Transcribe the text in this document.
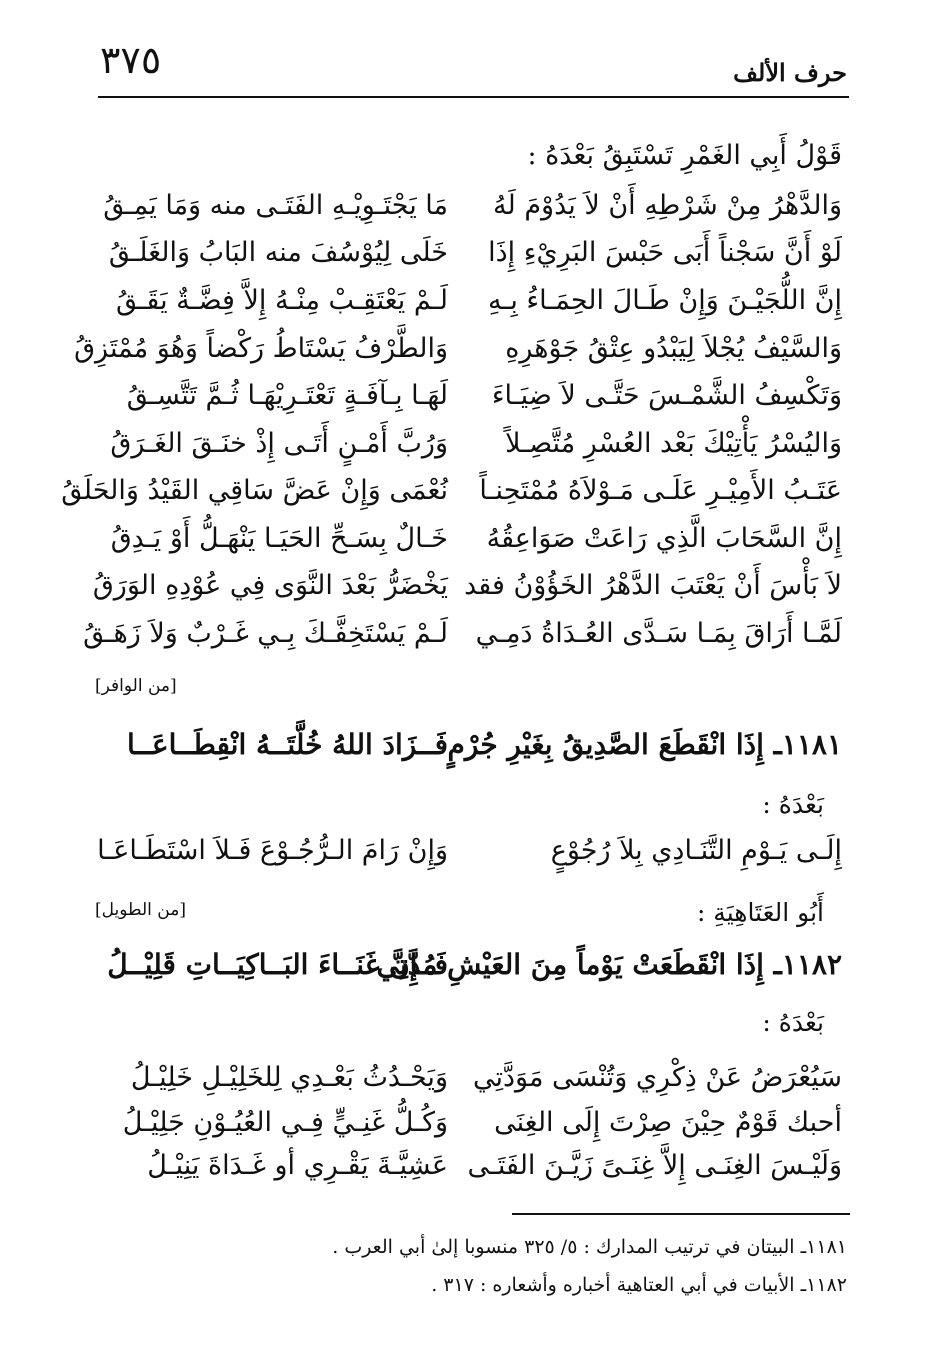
٣٧٥	حرف الألف
قَوْلُ أَبِي الغَمْرِ تَسْتَبِقُ بَعْدَهُ :
وَالدَّهْرُ مِنْ شَرْطِهِ أَنْ لاَ يَدُوْمَ لَهُ
مَا يَجْتَـوِيْـهِ الفَتَـى منه وَمَا يَمِـقُ
لَوْ أَنَّ سَجْناً أَبَى حَبْسَ البَرِيْءِ إِذَا
خَلَى لِيُوْسُفَ منه البَابُ وَالغَلَـقُ
إِنَّ اللُّجَيْـنَ وَإِنْ طَـالَ الحِمَـاءُ بِـهِ
لَـمْ يَعْتَقِـبْ مِنْـهُ إِلاَّ فِضَّـةٌ يَقَـقُ
وَالسَّيْفُ يُجْلاَ لِيَبْدُو عِتْقُ جَوْهَرِهِ
وَالطَّرْفُ يَسْتَاطُ رَكْضاً وَهُوَ مُمْتَزِقُ
وَتَكْسِفُ الشَّمْـسَ حَتَّـى لاَ ضِيَـاءَ
لَهَـا بِـآفَـةٍ تَعْتَـرِيْهَـا ثُـمَّ تَتَّسِـقُ
وَاليُسْرُ يَأْتِيْكَ بَعْد العُسْرِ مُتَّصِـلاً
وَرُبَّ أَمْـنٍ أَتَـى إِذْ خنَـقَ الغَـرَقُ
عَتَـبُ الأَمِيْـرِ عَلَـى مَـوْلاَهُ مُمْتَحِنـاً
نُعْمَى وَإِنْ عَضَّ سَاقِي القَيْدُ وَالحَلَقُ
إِنَّ السَّحَابَ الَّذِي رَاعَتْ صَوَاعِقُهُ
خَـالٌ بِسَـحِّ الحَيَـا يَنْهَـلُّ أَوْ يَـدِقُ
لاَ بَأْسَ أَنْ يَعْتَبَ الدَّهْرُ الخَؤُوْنُ فقد
يَخْضَرُّ بَعْدَ النَّوَى فِي عُوْدِهِ الوَرَقُ
لَمَّـا أَرَاقَ بِمَـا سَـدَّى العُـدَاةُ دَمِـي
لَـمْ يَسْتَخِفَّـكَ بِـي غَـرْبٌ وَلاَ زَهَـقُ
[من الوافر]
١١٨١ـ إِذَا انْقَطَعَ الصَّدِيقُ بِغَيْرِ جُرْمٍ
فَــزَادَ اللهُ خُلَّتَــهُ انْقِطَــاعَــا
بَعْدَهُ :
إِلَـى يَـوْمِ التَّنَـادِي بِلاَ رُجُوْعٍ
وَإِنْ رَامَ الـرُّجُـوْعَ فَـلاَ اسْتَطَـاعَـا
[من الطويل]	أَبُو العَتَاهِيَةِ :
١١٨٢ـ إِذَا انْقَطَعَتْ يَوْماً مِنَ العَيْشِ مُدَّتِي
فَــإِنَّ غَنَــاءَ البَــاكِيَــاتِ قَلِيْــلُ
بَعْدَهُ :
سَيُعْرَضُ عَنْ ذِكْرِي وَتُنْسَى مَوَدَّتِي
وَيَحْـدُثُ بَعْـدِي لِلخَلِيْـلِ خَلِيْـلُ
أحبك قَوْمٌ حِيْنَ صِرْتَ إِلَى الغِنَى
وَكُـلُّ غَنِـيٍّ فِـي العُيُـوْنِ جَلِيْـلُ
وَلَيْـسَ الغِنَـى إِلاَّ غِنَـىً زَيَّـنَ الفَتَـى
عَشِيَّـةَ يَقْـرِي أو غَـدَاةَ يَنِيْـلُ
١١٨١ـ البيتان في ترتيب المدارك : ٥/ ٣٢٥ منسوبا إلىٰ أبي العرب .
١١٨٢ـ الأبيات في أبي العتاهية أخباره وأشعاره : ٣١٧ .
